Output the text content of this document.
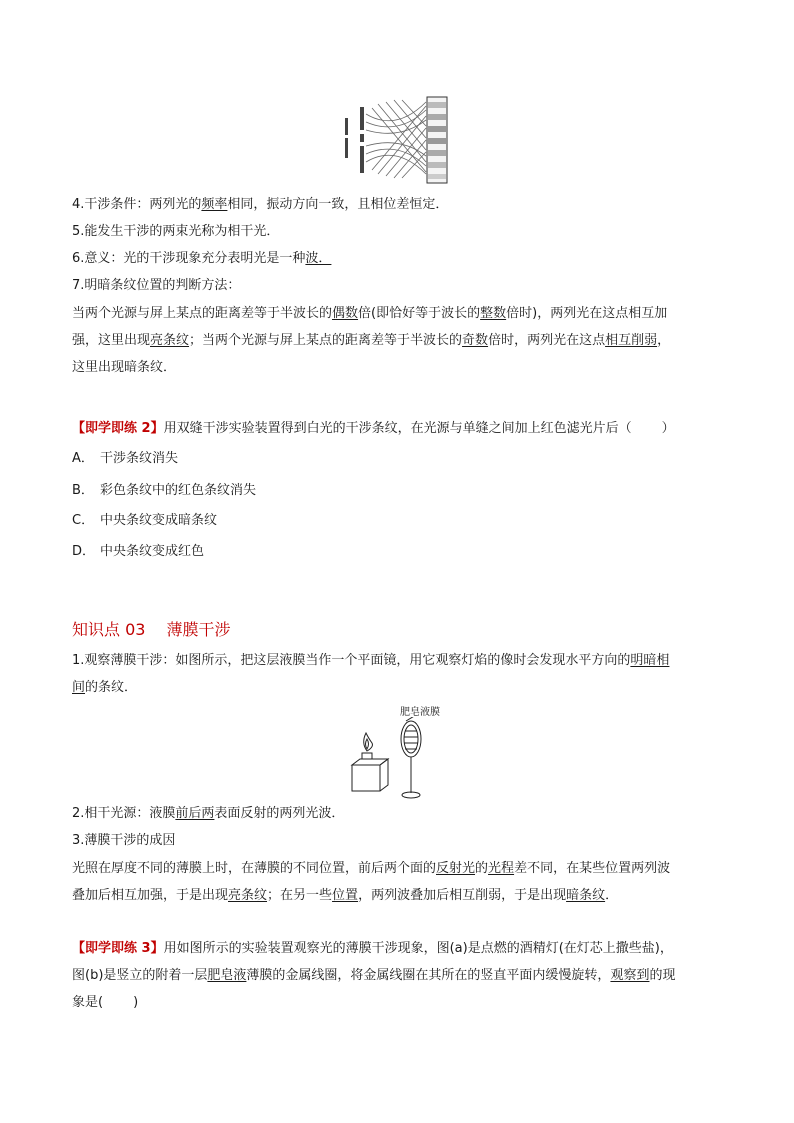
4.干涉条件：两列光的频率相同，振动方向一致，且相位差恒定．
5.能发生干涉的两束光称为相干光．
6.意义：光的干涉现象充分表明光是一种波．
7.明暗条纹位置的判断方法：
当两个光源与屏上某点的距离差等于半波长的偶数倍(即恰好等于波长的整数倍时)，两列光在这点相互加
强，这里出现亮条纹；当两个光源与屏上某点的距离差等于半波长的奇数倍时，两列光在这点相互削弱，
这里出现暗条纹．
【即学即练 2】用双缝干涉实验装置得到白光的干涉条纹，在光源与单缝之间加上红色滤光片后（ ）
A． 干涉条纹消失
B． 彩色条纹中的红色条纹消失
C． 中央条纹变成暗条纹
D． 中央条纹变成红色
知识点 03　 薄膜干涉
1.观察薄膜干涉：如图所示，把这层液膜当作一个平面镜，用它观察灯焰的像时会发现水平方向的明暗相
间的条纹．
肥皂液膜
2.相干光源：液膜前后两表面反射的两列光波．
3.薄膜干涉的成因
光照在厚度不同的薄膜上时，在薄膜的不同位置，前后两个面的反射光的光程差不同，在某些位置两列波
叠加后相互加强，于是出现亮条纹；在另一些位置，两列波叠加后相互削弱，于是出现暗条纹．
【即学即练 3】用如图所示的实验装置观察光的薄膜干涉现象，图(a)是点燃的酒精灯(在灯芯上撒些盐)，
图(b)是竖立的附着一层肥皂液薄膜的金属线圈，将金属线圈在其所在的竖直平面内缓慢旋转，观察到的现
象是( )
